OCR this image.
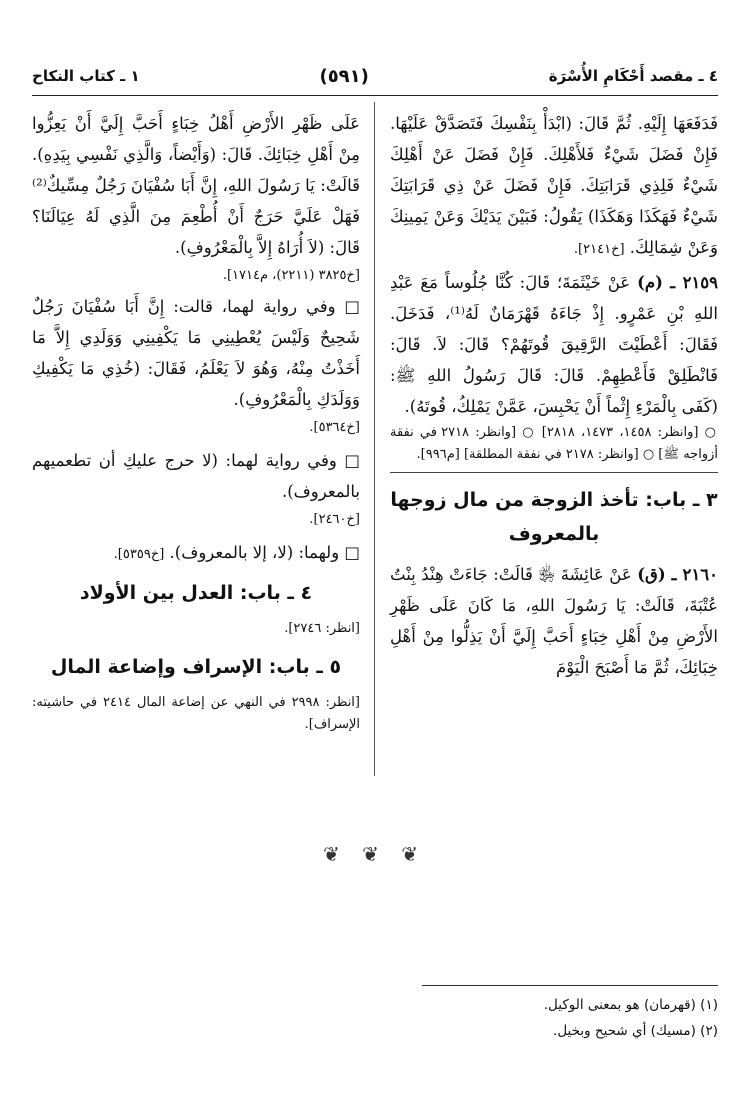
٤ ـ مقصد أَحْكَامِ الأُسْرَة
(٥٩١)
١ ـ كتاب النكاح

فَدَفَعَهَا إِلَيْهِ. ثُمَّ قَالَ: (ابْدَأْ بِنَفْسِكَ فَتَصَدَّقْ عَلَيْهَا. فَإِنْ فَضَلَ شَيْءٌ فَلأَهْلِكَ. فَإِنْ فَضَلَ عَنْ أَهْلِكَ شَيْءٌ فَلِذِي قَرَابَتِكَ. فَإِنْ فَضَلَ عَنْ ذِي قَرَابَتِكَ شَيْءٌ فَهَكَذَا وَهَكَذَا) يَقُولُ: فَبَيْنَ يَدَيْكَ وَعَنْ يَمِينِكَ وَعَنْ شِمَالِكَ. [خ٢١٤١].

٢١٥٩ ـ (م) عَنْ خَيْثَمَةَ؛ قَالَ: كُنَّا جُلُوساً مَعَ عَبْدِ اللهِ بْنِ عَمْرٍو. إِذْ جَاءَهُ قَهْرَمَانٌ لَهُ⁽¹⁾، فَدَخَلَ. فَقَالَ: أَعْطَيْتَ الرَّقِيقَ قُوتَهُمْ؟ قَالَ: لاَ. قَالَ: فَانْطَلِقْ فَأَعْطِهِمْ. قَالَ: قَالَ رَسُولُ اللهِ ﷺ: (كَفَى بِالْمَرْءِ إِثْماً أَنْ يَحْبِسَ، عَمَّنْ يَمْلِكُ، قُوتَهُ).

○ [وانظر: ١٤٥٨، ١٤٧٣، ٢٨١٨] ○ [وانظر: ٢٧١٨ في نفقة أزواجه ﷺ] ○ [وانظر: ٢١٧٨ في نفقة المطلقة] [م٩٩٦].

٣ ـ باب: تأخذ الزوجة من مال زوجها بالمعروف

٢١٦٠ ـ (ق) عَنْ عَائِشَةَ ﵂ قَالَتْ: جَاءَتْ هِنْدُ بِنْتُ عُتْبَةَ، قَالَتْ: يَا رَسُولَ اللهِ، مَا كَانَ عَلَى ظَهْرِ الأَرْضِ مِنْ أَهْلِ خِبَاءٍ أَحَبَّ إِلَيَّ أَنْ يَذِلُّوا مِنْ أَهْلِ خِبَائِكَ، ثُمَّ مَا أَصْبَحَ الْيَوْمَ

عَلَى ظَهْرِ الأَرْضِ أَهْلُ خِبَاءٍ أَحَبَّ إِلَيَّ أَنْ يَعِزُّوا مِنْ أَهْلِ خِبَائِكَ. قَالَ: (وَأَيْضاً، وَالَّذِي نَفْسِي بِيَدِهِ). قَالَتْ: يَا رَسُولَ اللهِ، إِنَّ أَبَا سُفْيَانَ رَجُلٌ مِسِّيكٌ⁽²⁾ فَهَلْ عَلَيَّ حَرَجٌ أَنْ أُطْعِمَ مِنَ الَّذِي لَهُ عِيَالَنَا؟ قَالَ: (لاَ أُرَاهُ إِلاَّ بِالْمَعْرُوفِ).

[خ٣٨٢٥ (٢٢١١)، م١٧١٤].

□ وفي رواية لهما، قالت: إِنَّ أَبَا سُفْيَانَ رَجُلٌ شَحِيحٌ وَلَيْسَ يُعْطِينِي مَا يَكْفِينِي وَوَلَدِي إِلاَّ مَا أَخَذْتُ مِنْهُ، وَهُوَ لاَ يَعْلَمُ، فَقَالَ: (خُذِي مَا يَكْفِيكِ وَوَلَدَكِ بِالْمَعْرُوفِ).

[خ٥٣٦٤].

□ وفي رواية لهما: (لا حرج عليكِ أن تطعميهم بالمعروف).

[خ٢٤٦٠].

□ ولهما: (لا، إلا بالمعروف). [خ٥٣٥٩].

٤ ـ باب: العدل بين الأولاد

[انظر: ٢٧٤٦].

٥ ـ باب: الإسراف وإضاعة المال

[انظر: ٢٩٩٨ في النهي عن إضاعة المال ٢٤١٤ في حاشيته: الإسراف].

❦ ❦ ❦
(١) (قهرمان) هو بمعنى الوكيل.
(٢) (مسيك) أي شحيح وبخيل.
